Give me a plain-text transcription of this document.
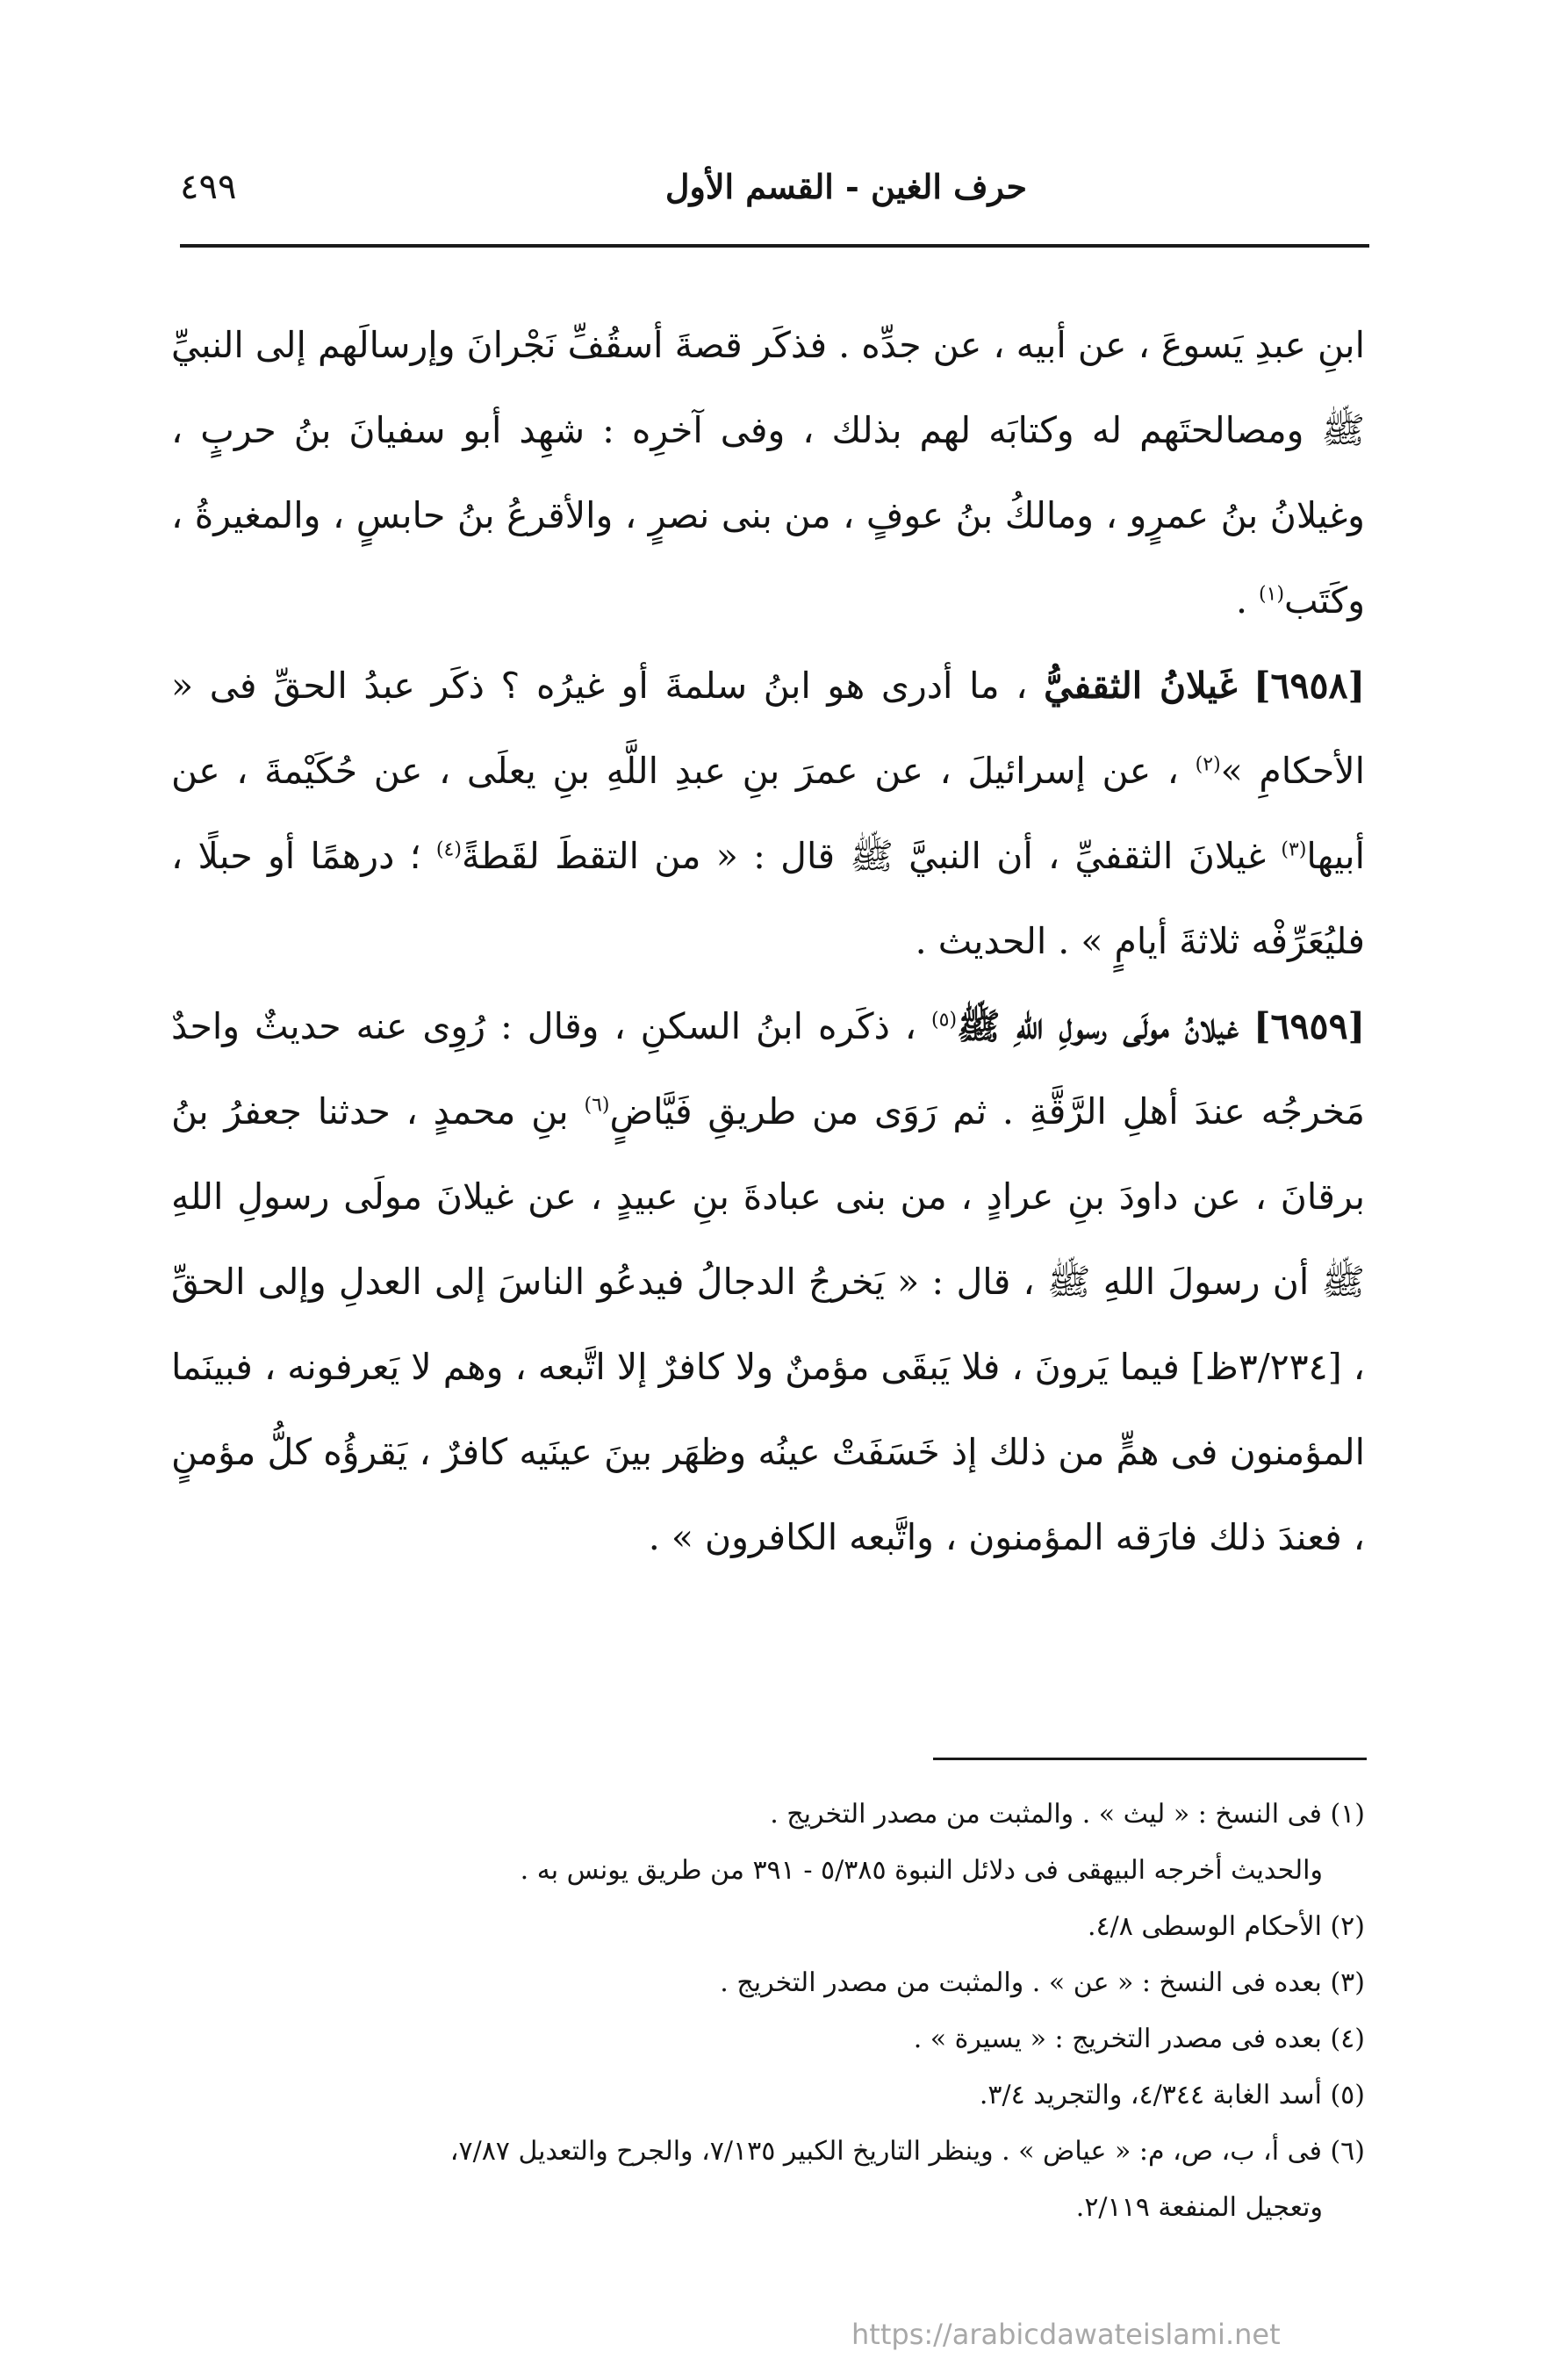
حرف الغين - القسم الأول
٤٩٩

ابنِ عبدِ يَسوعَ ، عن أبيه ، عن جدِّه . فذكَر قصةَ أسقُفِّ نَجْرانَ وإرسالَهم إلى النبيِّ ﷺ ومصالحتَهم له وكتابَه لهم بذلك ، وفى آخرِه : شهِد أبو سفيانَ بنُ حربٍ ، وغيلانُ بنُ عمرٍو ، ومالكُ بنُ عوفٍ ، من بنى نصرٍ ، والأقرعُ بنُ حابسٍ ، والمغيرةُ ، وكَتَب$^{(١)}$ .

[٦٩٥٨] غَيلانُ الثقفيُّ ، ما أدرى هو ابنُ سلمةَ أو غيرُه ؟ ذكَر عبدُ الحقِّ فى « الأحكامِ »$^{(٢)}$ ، عن إسرائيلَ ، عن عمرَ بنِ عبدِ اللَّهِ بنِ يعلَى ، عن حُكَيْمةَ ، عن أبيها$^{(٣)}$ غيلانَ الثقفيِّ ، أن النبيَّ ﷺ قال : « من التقطَ لقَطةً$^{(٤)}$ ؛ درهمًا أو حبلًا ، فليُعَرِّفْه ثلاثةَ أيامٍ » . الحديث .

[٦٩٥٩] غيلانُ مولَى رسولِ اللهِ ﷺ$^{(٥)}$ ، ذكَره ابنُ السكنِ ، وقال : رُوِى عنه حديثٌ واحدٌ مَخرجُه عندَ أهلِ الرَّقَّةِ . ثم رَوَى من طريقِ فَيَّاضٍ$^{(٦)}$ بنِ محمدٍ ، حدثنا جعفرُ بنُ برقانَ ، عن داودَ بنِ عرادٍ ، من بنى عبادةَ بنِ عبيدٍ ، عن غيلانَ مولَى رسولِ اللهِ ﷺ أن رسولَ اللهِ ﷺ ، قال : « يَخرجُ الدجالُ فيدعُو الناسَ إلى العدلِ وإلى الحقِّ ، [٣/٢٣٤ظ] فيما يَرونَ ، فلا يَبقَى مؤمنٌ ولا كافرٌ إلا اتَّبعه ، وهم لا يَعرفونه ، فبينَما المؤمنون فى همٍّ من ذلك إذ خَسَفَتْ عينُه وظهَر بينَ عينَيه كافرٌ ، يَقرؤُه كلُّ مؤمنٍ ، فعندَ ذلك فارَقه المؤمنون ، واتَّبعه الكافرون » .

(١) فى النسخ : « ليث » . والمثبت من مصدر التخريج .

والحديث أخرجه البيهقى فى دلائل النبوة ٥/٣٨٥ - ٣٩١ من طريق يونس به .

(٢) الأحكام الوسطى ٤/٨.

(٣) بعده فى النسخ : « عن » . والمثبت من مصدر التخريج .

(٤) بعده فى مصدر التخريج : « يسيرة » .

(٥) أسد الغابة ٤/٣٤٤، والتجريد ٣/٤.

(٦) فى أ، ب، ص، م: « عياض » . وينظر التاريخ الكبير ٧/١٣٥، والجرح والتعديل ٧/٨٧،

وتعجيل المنفعة ٢/١١٩.

https://arabicdawateislami.net
